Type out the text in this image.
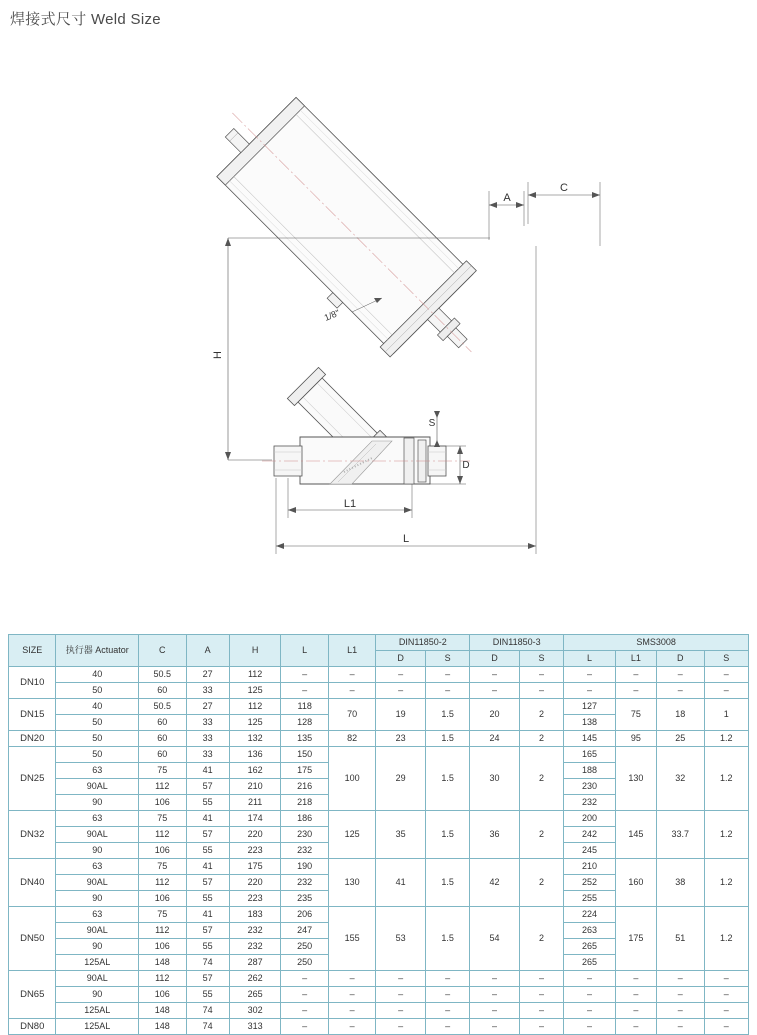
焊接式尺寸 Weld Size
H
A
C
1/8"
S
D
L1
L
SIZE	执行器 Actuator	C	A	H	L	L1	DIN11850-2		DIN11850-3		SMS3008			
							D	S	D	S	L	L1	D	S
DN10	40	50.5	27	112	–	–	–	–	–	–	–	–	–	–
	50	60	33	125	–	–	–	–	–	–	–	–	–	–
DN15	40	50.5	27	112	118	70	19	1.5	20	2	127	75	18	1
	50	60	33	125	128						138			
DN20	50	60	33	132	135	82	23	1.5	24	2	145	95	25	1.2
DN25	50	60	33	136	150	100	29	1.5	30	2	165	130	32	1.2
	63	75	41	162	175						188			
	90AL	112	57	210	216						230			
	90	106	55	211	218						232			
DN32	63	75	41	174	186	125	35	1.5	36	2	200	145	33.7	1.2
	90AL	112	57	220	230						242			
	90	106	55	223	232						245			
DN40	63	75	41	175	190	130	41	1.5	42	2	210	160	38	1.2
	90AL	112	57	220	232						252			
	90	106	55	223	235						255			
DN50	63	75	41	183	206	155	53	1.5	54	2	224	175	51	1.2
	90AL	112	57	232	247						263			
	90	106	55	232	250						265			
	125AL	148	74	287	250						265			
DN65	90AL	112	57	262	–	–	–	–	–	–	–	–	–	–
	90	106	55	265	–	–	–	–	–	–	–	–	–	–
	125AL	148	74	302	–	–	–	–	–	–	–	–	–	–
DN80	125AL	148	74	313	–	–	–	–	–	–	–	–	–	–
